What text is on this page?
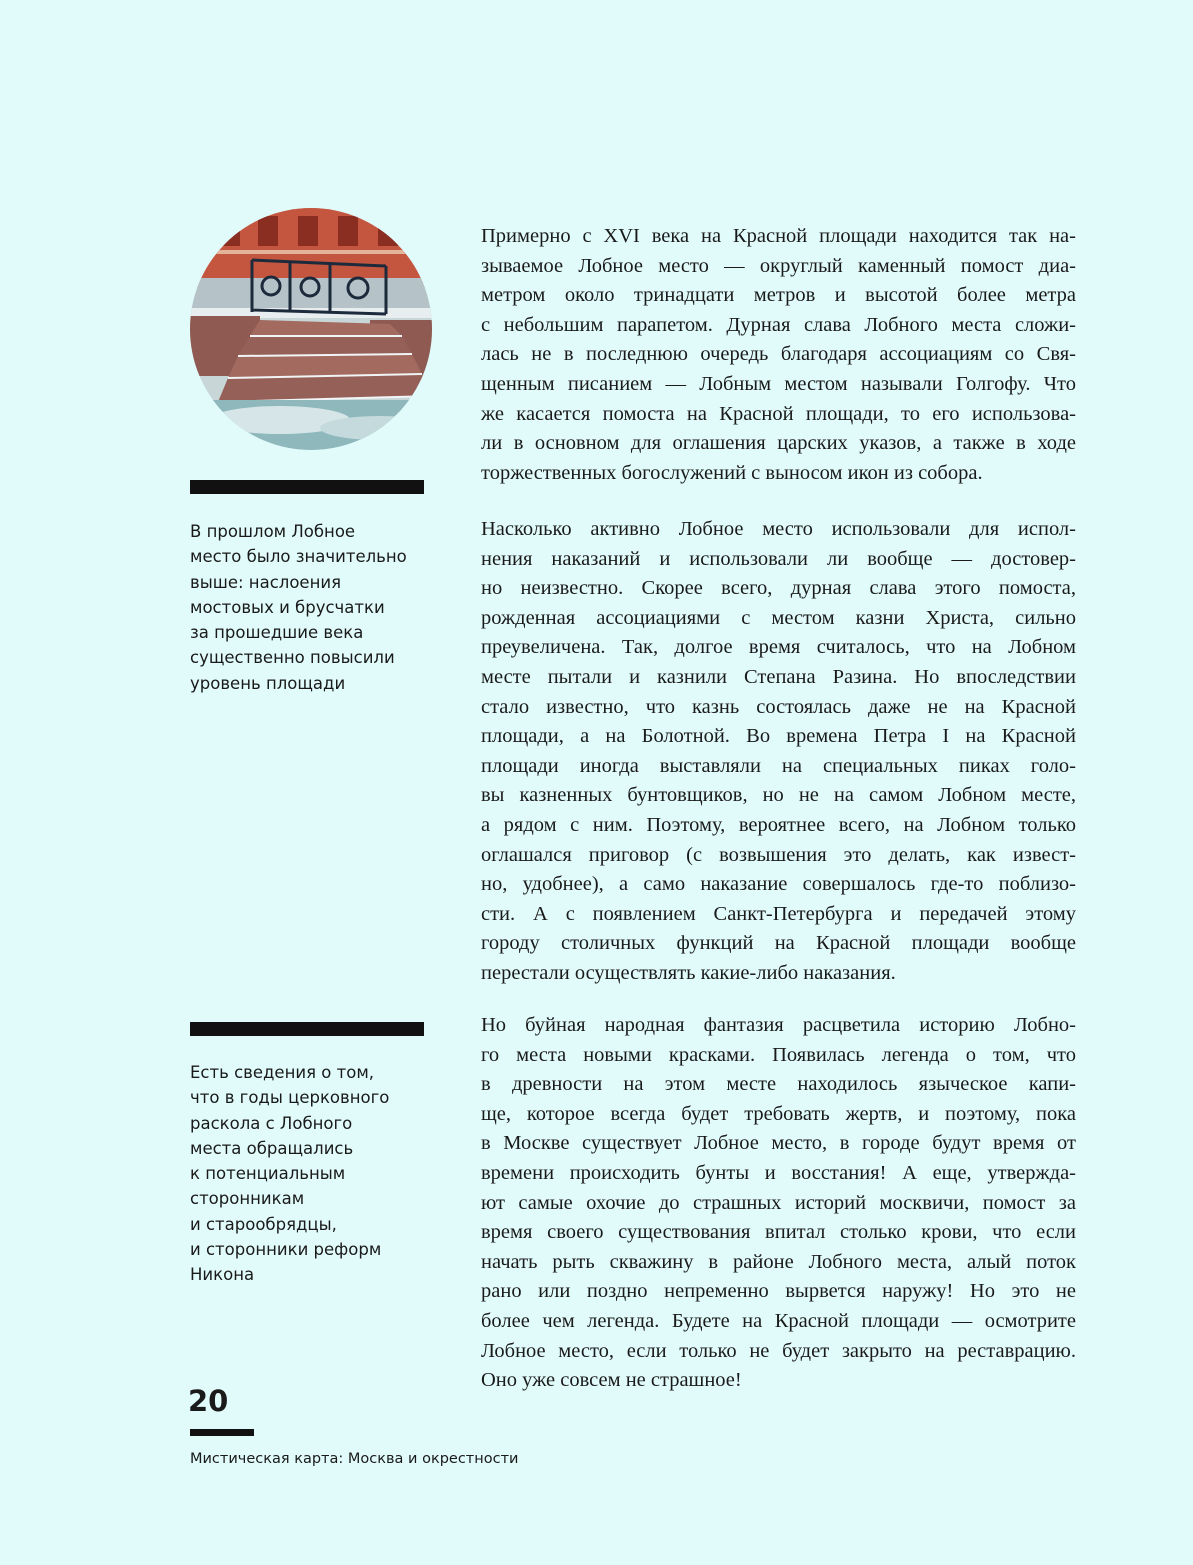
В прошлом Лобное
место было значительно
выше: наслоения
мостовых и брусчатки
за прошедшие века
существенно повысили
уровень площади

Есть сведения о том,
что в годы церковного
раскола с Лобного
места обращались
к потенциальным
сторонникам
и старообрядцы,
и сторонники реформ
Никона

Примерно с XVI века на Красной площади находится так на-
зываемое Лобное место — округлый каменный помост диа-
метром около тринадцати метров и высотой более метра
с небольшим парапетом. Дурная слава Лобного места сложи-
лась не в последнюю очередь благодаря ассоциациям со Свя-
щенным писанием — Лобным местом называли Голгофу. Что
же касается помоста на Красной площади, то его использова-
ли в основном для оглашения царских указов, а также в ходе
торжественных богослужений с выносом икон из собора.

Насколько активно Лобное место использовали для испол-
нения наказаний и использовали ли вообще — достовер-
но неизвестно. Скорее всего, дурная слава этого помоста,
рожденная ассоциациями с местом казни Христа, сильно
преувеличена. Так, долгое время считалось, что на Лобном
месте пытали и казнили Степана Разина. Но впоследствии
стало известно, что казнь состоялась даже не на Красной
площади, а на Болотной. Во времена Петра I на Красной
площади иногда выставляли на специальных пиках голо-
вы казненных бунтовщиков, но не на самом Лобном месте,
а рядом с ним. Поэтому, вероятнее всего, на Лобном только
оглашался приговор (с возвышения это делать, как извест-
но, удобнее), а само наказание совершалось где-то поблизо-
сти. А с появлением Санкт-Петербурга и передачей этому
городу столичных функций на Красной площади вообще
перестали осуществлять какие-либо наказания.

Но буйная народная фантазия расцветила историю Лобно-
го места новыми красками. Появилась легенда о том, что
в древности на этом месте находилось языческое капи-
ще, которое всегда будет требовать жертв, и поэтому, пока
в Москве существует Лобное место, в городе будут время от
времени происходить бунты и восстания! А еще, утвержда-
ют самые охочие до страшных историй москвичи, помост за
время своего существования впитал столько крови, что если
начать рыть скважину в районе Лобного места, алый поток
рано или поздно непременно вырвется наружу! Но это не
более чем легенда. Будете на Красной площади — осмотрите
Лобное место, если только не будет закрыто на реставрацию.
Оно уже совсем не страшное!

20

Мистическая карта: Москва и окрестности
